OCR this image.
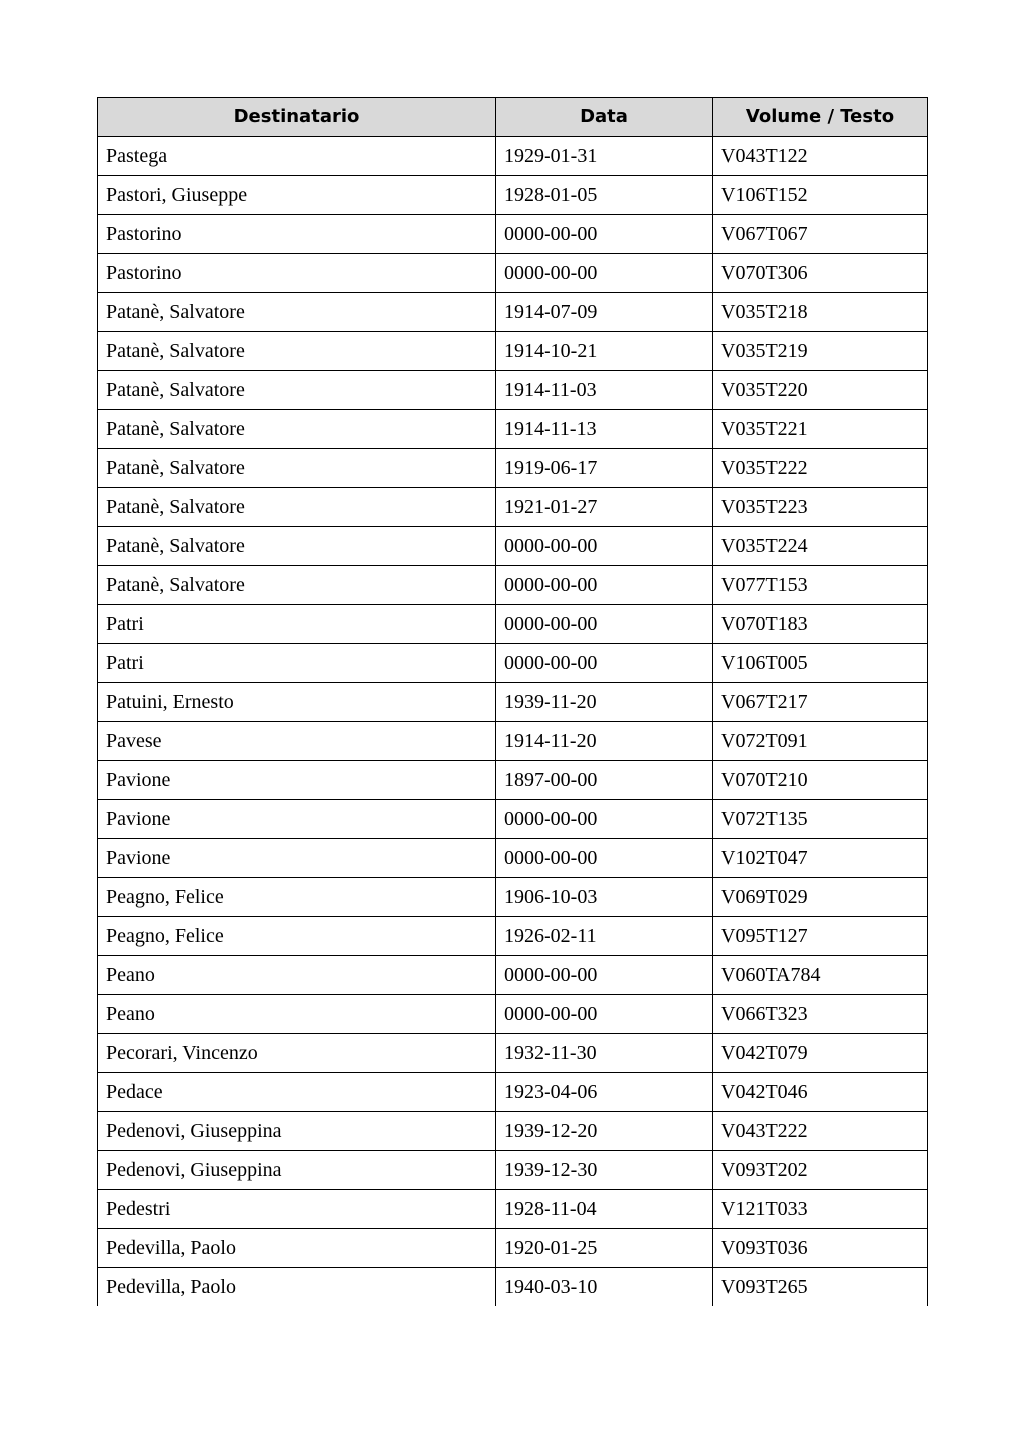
Destinatario	Data	Volume / Testo
Pastega	1929-01-31	V043T122
Pastori, Giuseppe	1928-01-05	V106T152
Pastorino	0000-00-00	V067T067
Pastorino	0000-00-00	V070T306
Patanè, Salvatore	1914-07-09	V035T218
Patanè, Salvatore	1914-10-21	V035T219
Patanè, Salvatore	1914-11-03	V035T220
Patanè, Salvatore	1914-11-13	V035T221
Patanè, Salvatore	1919-06-17	V035T222
Patanè, Salvatore	1921-01-27	V035T223
Patanè, Salvatore	0000-00-00	V035T224
Patanè, Salvatore	0000-00-00	V077T153
Patri	0000-00-00	V070T183
Patri	0000-00-00	V106T005
Patuini, Ernesto	1939-11-20	V067T217
Pavese	1914-11-20	V072T091
Pavione	1897-00-00	V070T210
Pavione	0000-00-00	V072T135
Pavione	0000-00-00	V102T047
Peagno, Felice	1906-10-03	V069T029
Peagno, Felice	1926-02-11	V095T127
Peano	0000-00-00	V060TA784
Peano	0000-00-00	V066T323
Pecorari, Vincenzo	1932-11-30	V042T079
Pedace	1923-04-06	V042T046
Pedenovi, Giuseppina	1939-12-20	V043T222
Pedenovi, Giuseppina	1939-12-30	V093T202
Pedestri	1928-11-04	V121T033
Pedevilla, Paolo	1920-01-25	V093T036
Pedevilla, Paolo	1940-03-10	V093T265
